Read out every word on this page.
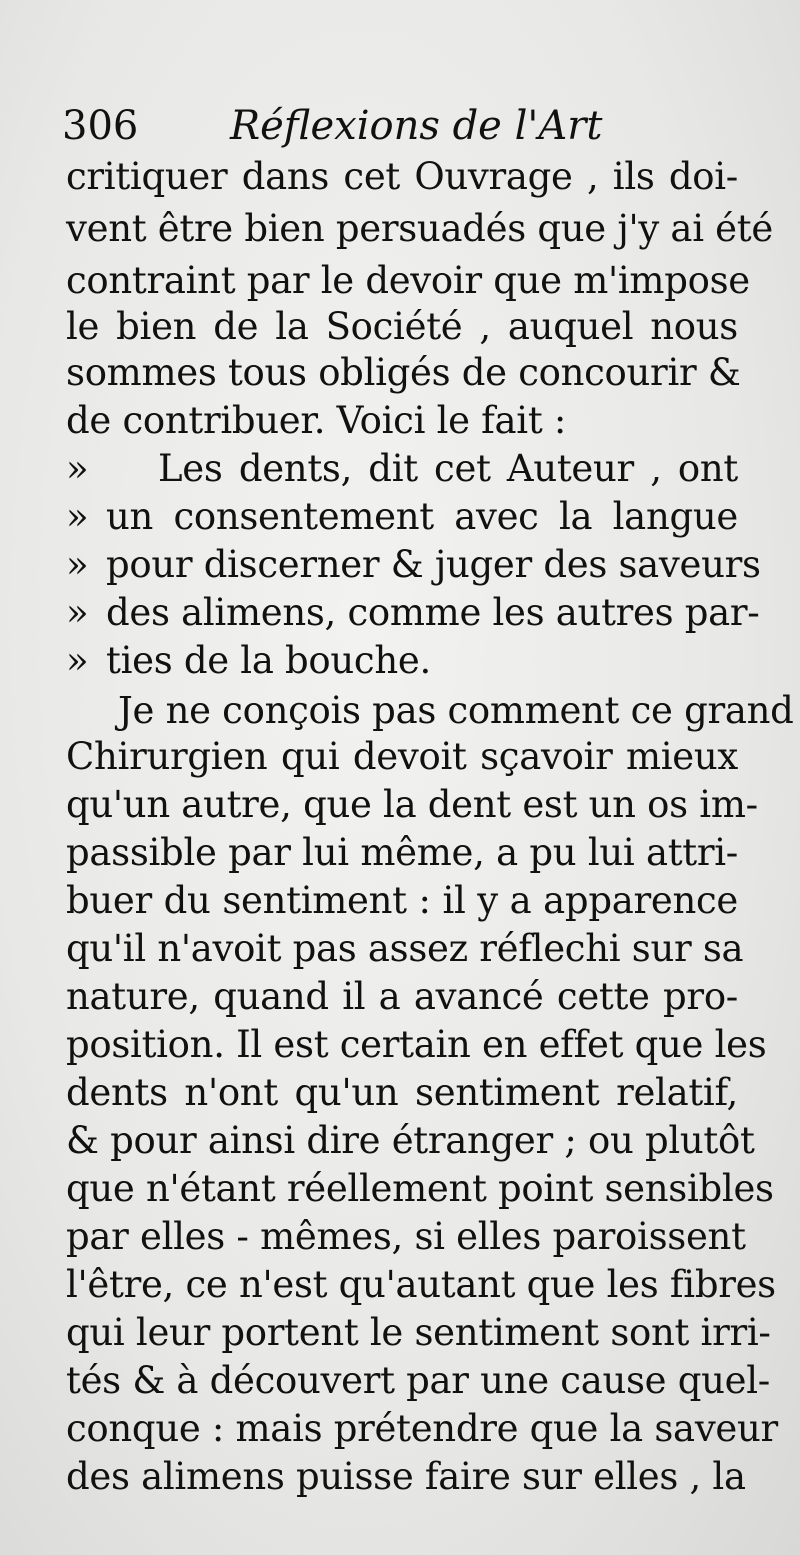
306 Réflexions de l'Art
critiquer dans cet Ouvrage , ils doi-
vent être bien persuadés que j'y ai été
contraint par le devoir que m'impose
le bien de la Société , auquel nous
sommes tous obligés de concourir &
de contribuer. Voici le fait :
» Les dents, dit cet Auteur , ont
» un consentement avec la langue
» pour discerner & juger des saveurs
» des alimens, comme les autres par-
» ties de la bouche.
Je ne conçois pas comment ce grand
Chirurgien qui devoit sçavoir mieux
qu'un autre, que la dent est un os im-
passible par lui même, a pu lui attri-
buer du sentiment : il y a apparence
qu'il n'avoit pas assez réflechi sur sa
nature, quand il a avancé cette pro-
position. Il est certain en effet que les
dents n'ont qu'un sentiment relatif,
& pour ainsi dire étranger ; ou plutôt
que n'étant réellement point sensibles
par elles - mêmes, si elles paroissent
l'être, ce n'est qu'autant que les fibres
qui leur portent le sentiment sont irri-
tés & à découvert par une cause quel-
conque : mais prétendre que la saveur
des alimens puisse faire sur elles , la
